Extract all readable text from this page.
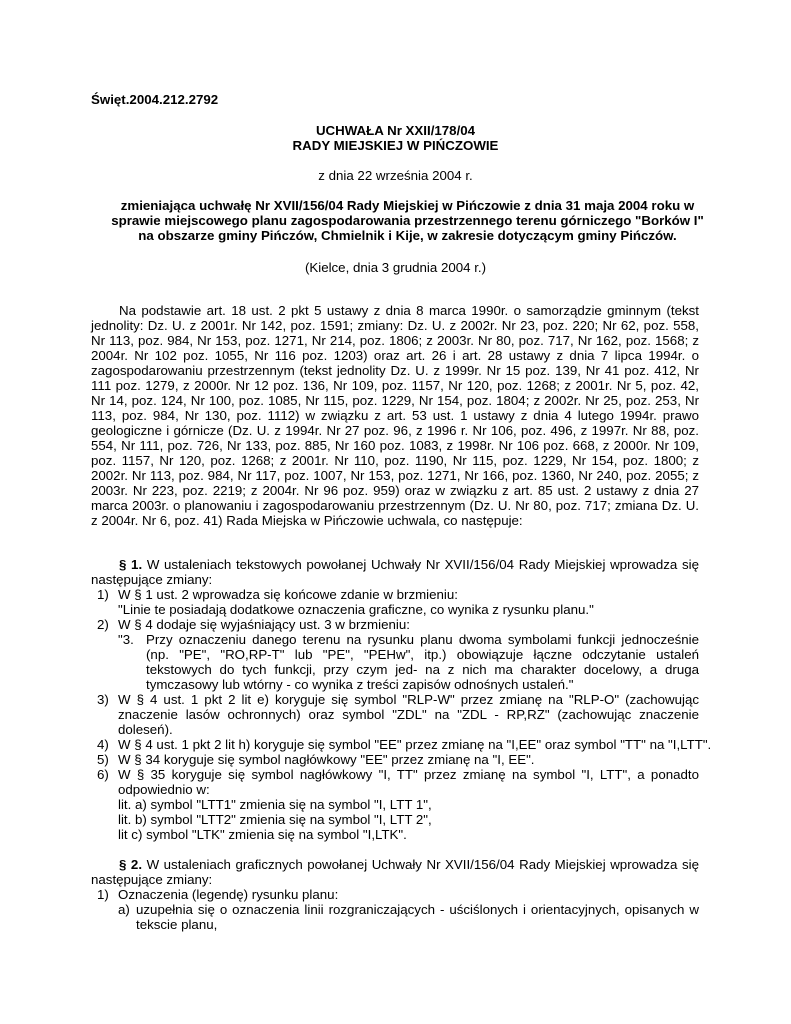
Święt.2004.212.2792
UCHWAŁA Nr XXII/178/04
RADY MIEJSKIEJ W PIŃCZOWIE
z dnia 22 września 2004 r.
zmieniająca uchwałę Nr XVII/156/04 Rady Miejskiej w Pińczowie z dnia 31 maja 2004 roku w sprawie miejscowego planu zagospodarowania przestrzennego terenu górniczego "Borków I" na obszarze gminy Pińczów, Chmielnik i Kije, w zakresie dotyczącym gminy Pińczów.
(Kielce, dnia 3 grudnia 2004 r.)
Na podstawie art. 18 ust. 2 pkt 5 ustawy z dnia 8 marca 1990r. o samorządzie gminnym (tekst jednolity: Dz. U. z 2001r. Nr 142, poz. 1591; zmiany: Dz. U. z 2002r. Nr 23, poz. 220; Nr 62, poz. 558, Nr 113, poz. 984, Nr 153, poz. 1271, Nr 214, poz. 1806; z 2003r. Nr 80, poz. 717, Nr 162, poz. 1568; z 2004r. Nr 102 poz. 1055, Nr 116 poz. 1203) oraz art. 26 i art. 28 ustawy z dnia 7 lipca 1994r. o zagospodarowaniu przestrzennym (tekst jednolity Dz. U. z 1999r. Nr 15 poz. 139, Nr 41 poz. 412, Nr 111 poz. 1279, z 2000r. Nr 12 poz. 136, Nr 109, poz. 1157, Nr 120, poz. 1268; z 2001r. Nr 5, poz. 42, Nr 14, poz. 124, Nr 100, poz. 1085, Nr 115, poz. 1229, Nr 154, poz. 1804; z 2002r. Nr 25, poz. 253, Nr 113, poz. 984, Nr 130, poz. 1112) w związku z art. 53 ust. 1 ustawy z dnia 4 lutego 1994r. prawo geologiczne i górnicze (Dz. U. z 1994r. Nr 27 poz. 96, z 1996 r. Nr 106, poz. 496, z 1997r. Nr 88, poz. 554, Nr 111, poz. 726, Nr 133, poz. 885, Nr 160 poz. 1083, z 1998r. Nr 106 poz. 668, z 2000r. Nr 109, poz. 1157, Nr 120, poz. 1268; z 2001r. Nr 110, poz. 1190, Nr 115, poz. 1229, Nr 154, poz. 1800; z 2002r. Nr 113, poz. 984, Nr 117, poz. 1007, Nr 153, poz. 1271, Nr 166, poz. 1360, Nr 240, poz. 2055; z 2003r. Nr 223, poz. 2219; z 2004r. Nr 96 poz. 959) oraz w związku z art. 85 ust. 2 ustawy z dnia 27 marca 2003r. o planowaniu i zagospodarowaniu przestrzennym (Dz. U. Nr 80, poz. 717; zmiana Dz. U. z 2004r. Nr 6, poz. 41) Rada Miejska w Pińczowie uchwala, co następuje:
§ 1. W ustaleniach tekstowych powołanej Uchwały Nr XVII/156/04 Rady Miejskiej wprowadza się następujące zmiany:
1) W § 1 ust. 2 wprowadza się końcowe zdanie w brzmieniu:
"Linie te posiadają dodatkowe oznaczenia graficzne, co wynika z rysunku planu."
2) W § 4 dodaje się wyjaśniający ust. 3 w brzmieniu:
"3. Przy oznaczeniu danego terenu na rysunku planu dwoma symbolami funkcji jednocześnie (np. "PE", "RO,RP-T" lub "PE", "PEHw", itp.) obowiązuje łączne odczytanie ustaleń tekstowych do tych funkcji, przy czym jed- na z nich ma charakter docelowy, a druga tymczasowy lub wtórny - co wynika z treści zapisów odnośnych ustaleń."
3) W § 4 ust. 1 pkt 2 lit e) koryguje się symbol "RLP-W" przez zmianę na "RLP-O" (zachowując znaczenie lasów ochronnych) oraz symbol "ZDL" na "ZDL - RP,RZ" (zachowując znaczenie doleseń).
4) W § 4 ust. 1 pkt 2 lit h) koryguje się symbol "EE" przez zmianę na "I,EE" oraz symbol "TT" na "I,LTT".
5) W § 34 koryguje się symbol nagłówkowy "EE" przez zmianę na "I, EE".
6) W § 35 koryguje się symbol nagłówkowy "I, TT" przez zmianę na symbol "I, LTT", a ponadto odpowiednio w:
lit. a) symbol "LTT1" zmienia się na symbol "I, LTT 1",
lit. b) symbol "LTT2" zmienia się na symbol "I, LTT 2",
lit c) symbol "LTK" zmienia się na symbol "I,LTK".
§ 2. W ustaleniach graficznych powołanej Uchwały Nr XVII/156/04 Rady Miejskiej wprowadza się następujące zmiany:
1) Oznaczenia (legendę) rysunku planu:
a) uzupełnia się o oznaczenia linii rozgraniczających - uściślonych i orientacyjnych, opisanych w tekscie planu,
